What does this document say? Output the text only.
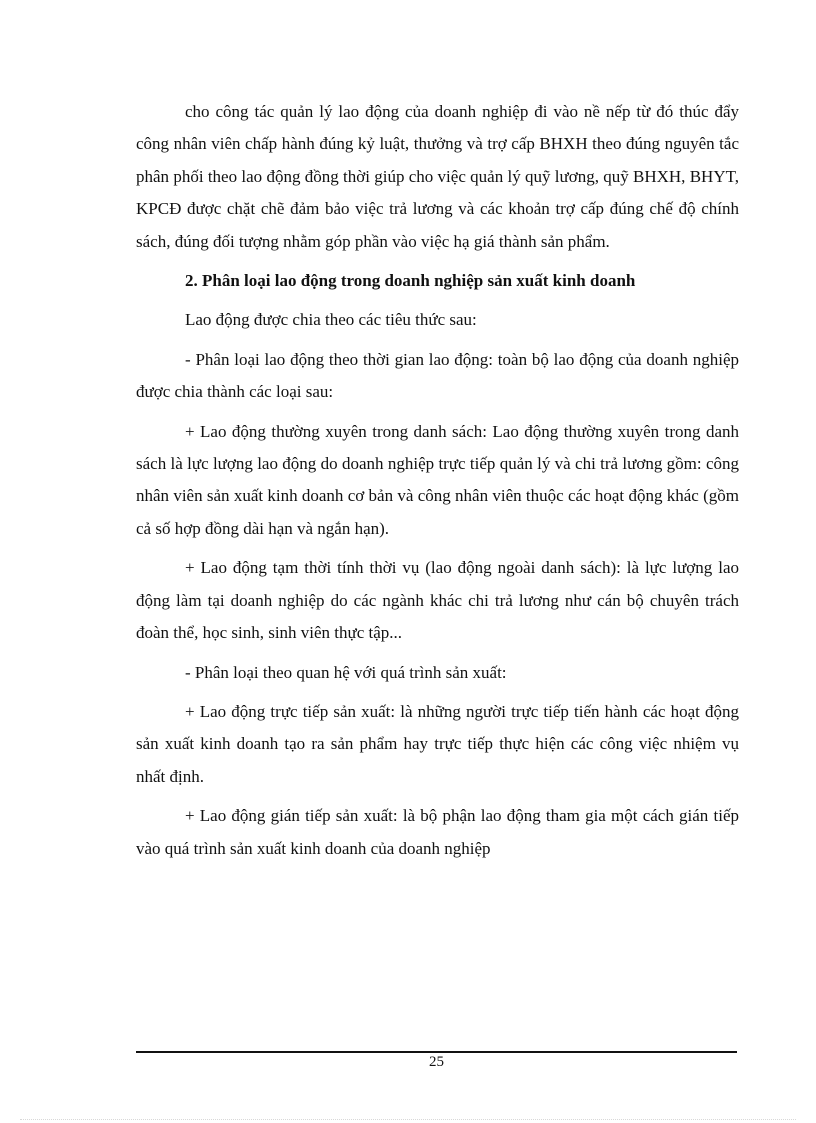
cho công tác quản lý lao động của doanh nghiệp đi vào nề nếp từ đó thúc đẩy công nhân viên chấp hành đúng kỷ luật, thưởng và trợ cấp BHXH theo đúng nguyên tắc phân phối theo lao động đồng thời giúp cho việc quản lý quỹ lương, quỹ BHXH, BHYT, KPCĐ được chặt chẽ đảm bảo việc trả lương và các khoản trợ cấp đúng chế độ chính sách, đúng đối tượng nhằm góp phần vào việc hạ giá thành sản phẩm.

2. Phân loại lao động trong doanh nghiệp sản xuất kinh doanh

Lao động được chia theo các tiêu thức sau:

- Phân loại lao động theo thời gian lao động: toàn bộ lao động của doanh nghiệp được chia thành các loại sau:

+ Lao động thường xuyên trong danh sách: Lao động thường xuyên trong danh sách là lực lượng lao động do doanh nghiệp trực tiếp quản lý và chi trả lương gồm: công nhân viên sản xuất kinh doanh cơ bản và công nhân viên thuộc các hoạt động khác (gồm cả số hợp đồng dài hạn và ngắn hạn).

+ Lao động tạm thời tính thời vụ (lao động ngoài danh sách): là lực lượng lao động làm tại doanh nghiệp do các ngành khác chi trả lương như cán bộ chuyên trách đoàn thể, học sinh, sinh viên thực tập...

- Phân loại theo quan hệ với quá trình sản xuất:

+ Lao động trực tiếp sản xuất: là những người trực tiếp tiến hành các hoạt động sản xuất kinh doanh tạo ra sản phẩm hay trực tiếp thực hiện các công việc nhiệm vụ nhất định.

+ Lao động gián tiếp sản xuất: là bộ phận lao động tham gia một cách gián tiếp vào quá trình sản xuất kinh doanh của doanh nghiệp

25
